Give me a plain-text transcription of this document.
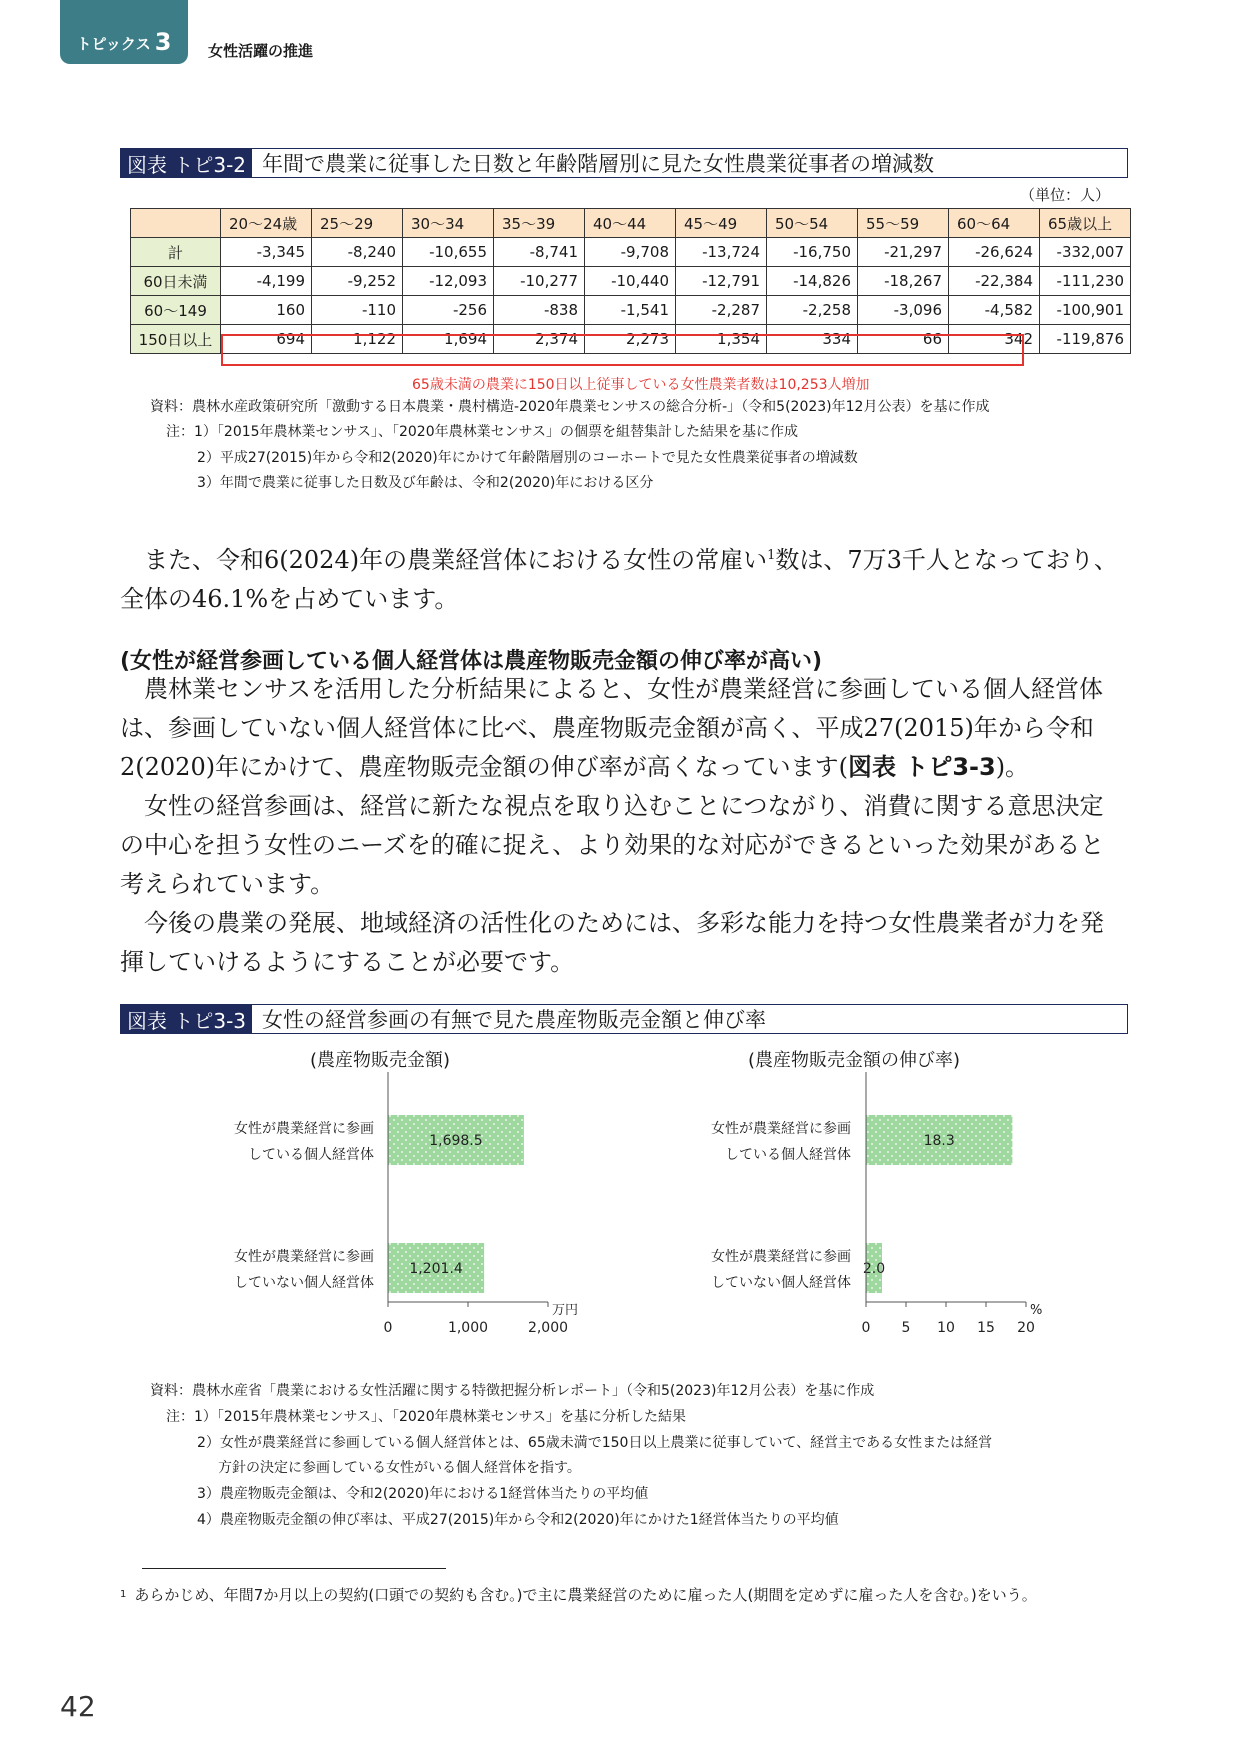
トピックス 3 女性活躍の推進
図表 トピ3-2 年間で農業に従事した日数と年齢階層別に見た女性農業従事者の増減数
（単位：人）
	20～24歳	25～29	30～34	35～39	40～44	45～49	50～54	55～59	60～64	65歳以上
計	-3,345	-8,240	-10,655	-8,741	-9,708	-13,724	-16,750	-21,297	-26,624	-332,007
60日未満	-4,199	-9,252	-12,093	-10,277	-10,440	-12,791	-14,826	-18,267	-22,384	-111,230
60～149	160	-110	-256	-838	-1,541	-2,287	-2,258	-3,096	-4,582	-100,901
150日以上	694	1,122	1,694	2,374	2,273	1,354	334	66	342	-119,876
65歳未満の農業に150日以上従事している女性農業者数は10,253人増加
資料：農林水産政策研究所「激動する日本農業・農村構造-2020年農業センサスの総合分析-」（令和5(2023)年12月公表）を基に作成
注：1）「2015年農林業センサス」、「2020年農林業センサス」の個票を組替集計した結果を基に作成
2）平成27(2015)年から令和2(2020)年にかけて年齢階層別のコーホートで見た女性農業従事者の増減数
3）年間で農業に従事した日数及び年齢は、令和2(2020)年における区分

また、令和6(2024)年の農業経営体における女性の常雇い$^1$数は、7万3千人となっており、全体の46.1%を占めています。

(女性が経営参画している個人経営体は農産物販売金額の伸び率が高い)

農林業センサスを活用した分析結果によると、女性が農業経営に参画している個人経営体は、参画していない個人経営体に比べ、農産物販売金額が高く、平成27(2015)年から令和2(2020)年にかけて、農産物販売金額の伸び率が高くなっています(図表 トピ3-3)。

女性の経営参画は、経営に新たな視点を取り込むことにつながり、消費に関する意思決定の中心を担う女性のニーズを的確に捉え、より効果的な対応ができるといった効果があると考えられています。

今後の農業の発展、地域経済の活性化のためには、多彩な能力を持つ女性農業者が力を発揮していけるようにすることが必要です。

図表 トピ3-3 女性の経営参画の有無で見た農産物販売金額と伸び率
(農産物販売金額)	(農産物販売金額の伸び率)
女性が農業経営に参画
している個人経営体
女性が農業経営に参画
していない個人経営体
女性が農業経営に参画
している個人経営体
女性が農業経営に参画
していない個人経営体
1,698.5
1,201.4
0	1,000	2,000
万円
18.3
2.0
0 5 10 15 20
%
資料：農林水産省「農業における女性活躍に関する特徴把握分析レポート」（令和5(2023)年12月公表）を基に作成
注：1）「2015年農林業センサス」、「2020年農林業センサス」を基に分析した結果
2）女性が農業経営に参画している個人経営体とは、65歳未満で150日以上農業に従事していて、経営主である女性または経営
方針の決定に参画している女性がいる個人経営体を指す。
3）農産物販売金額は、令和2(2020)年における1経営体当たりの平均値
4）農産物販売金額の伸び率は、平成27(2015)年から令和2(2020)年にかけた1経営体当たりの平均値
$^1$ あらかじめ、年間7か月以上の契約(口頭での契約も含む。)で主に農業経営のために雇った人(期間を定めずに雇った人を含む。)をいう。
42
